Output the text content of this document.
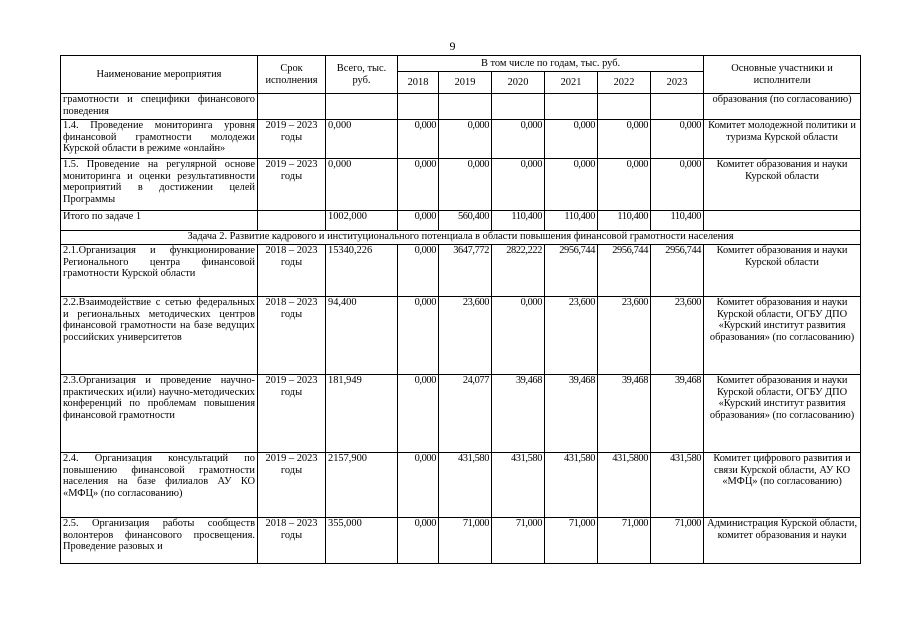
9
Наименование мероприятия	Срок исполнения	Всего, тыс. руб.	В том числе по годам, тыс. руб.						Основные участники и исполнители
			2018	2019	2020	2021	2022	2023	
грамотности и специфики финансового поведения									образования (по согласованию)
1.4. Проведение мониторинга уровня финансовой грамотности молодежи Курской области в режиме «онлайн»	2019 – 2023 годы	0,000	0,000	0,000	0,000	0,000	0,000	0,000	Комитет молодежной политики и туризма Курской области
1.5. Проведение на регулярной основе мониторинга и оценки результативности мероприятий в достижении целей Программы	2019 – 2023 годы	0,000	0,000	0,000	0,000	0,000	0,000	0,000	Комитет образования и науки Курской области
Итого по задаче 1		1002,000	0,000	560,400	110,400	110,400	110,400	110,400	
Задача 2. Развитие кадрового и институционального потенциала в области повышения финансовой грамотности населения									
2.1.Организация и функционирование Регионального центра финансовой грамотности Курской области	2018 – 2023 годы	15340,226	0,000	3647,772	2822,222	2956,744	2956,744	2956,744	Комитет образования и науки Курской области
2.2.Взаимодействие с сетью федеральных и региональных методических центров финансовой грамотности на базе ведущих российских университетов	2018 – 2023 годы	94,400	0,000	23,600	0,000	23,600	23,600	23,600	Комитет образования и науки Курской области, ОГБУ ДПО «Курский институт развития образования» (по согласованию)
2.3.Организация и проведение научно-практических и(или) научно-методических конференций по проблемам повышения финансовой грамотности	2019 – 2023 годы	181,949	0,000	24,077	39,468	39,468	39,468	39,468	Комитет образования и науки Курской области, ОГБУ ДПО «Курский институт развития образования» (по согласованию)
2.4. Организация консультаций по повышению финансовой грамотности населения на базе филиалов АУ КО «МФЦ» (по согласованию)	2019 – 2023 годы	2157,900	0,000	431,580	431,580	431,580	431,5800	431,580	Комитет цифрового развития и связи Курской области, АУ КО «МФЦ» (по согласованию)
2.5. Организация работы сообществ волонтеров финансового просвещения. Проведение разовых и	2018 – 2023 годы	355,000	0,000	71,000	71,000	71,000	71,000	71,000	Администрация Курской области, комитет образования и науки
